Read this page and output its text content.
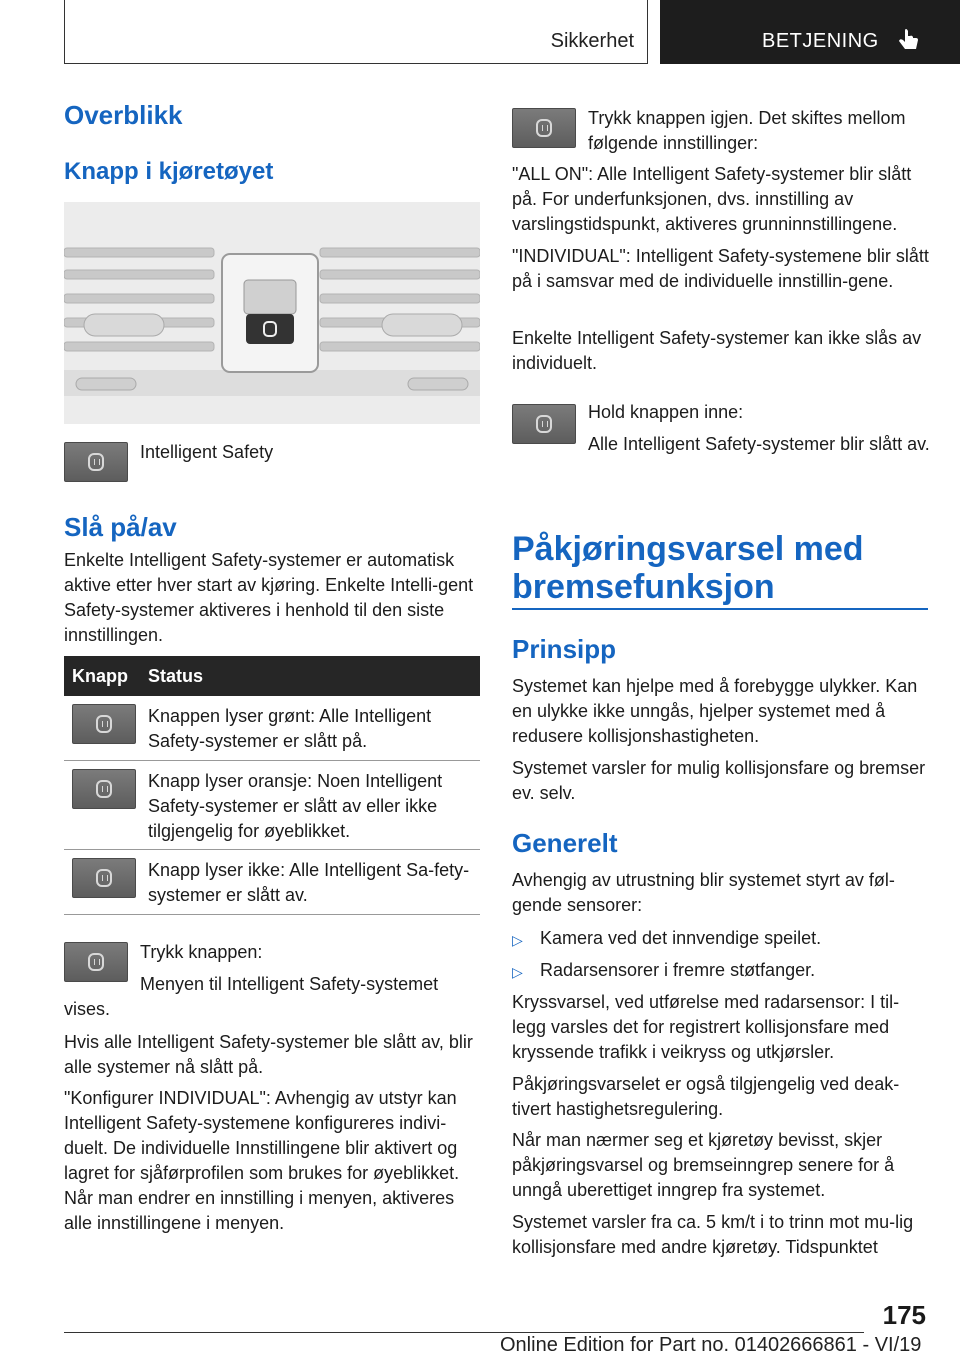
Sikkerhet	BETJENING
Overblikk
Knapp i kjøretøyet
Intelligent Safety
Slå på/av

Enkelte Intelligent Safety-systemer er automatisk aktive etter hver start av kjøring. Enkelte Intelli-gent Safety-systemer aktiveres i henhold til den siste innstillingen.

Knapp Status

Knappen lyser grønt: Alle Intelligent Safety-systemer er slått på.

Knapp lyser oransje: Noen Intelligent Safety-systemer er slått av eller ikke tilgjengelig for øyeblikket.

Knapp lyser ikke: Alle Intelligent Sa-fety-systemer er slått av.

Trykk knappen:

Menyen til Intelligent Safety-systemet vises.

Hvis alle Intelligent Safety-systemer ble slått av, blir alle systemer nå slått på.

"Konfigurer INDIVIDUAL": Avhengig av utstyr kan Intelligent Safety-systemene konfigureres indivi-duelt. De individuelle Innstillingene blir aktivert og lagret for sjåførprofilen som brukes for øyeblikket. Når man endrer en innstilling i menyen, aktiveres alle innstillingene i menyen.

Trykk knappen igjen. Det skiftes mellom følgende innstillinger:

"ALL ON": Alle Intelligent Safety-systemer blir slått på. For underfunksjonen, dvs. innstilling av varslingstidspunkt, aktiveres grunninnstillingene.

"INDIVIDUAL": Intelligent Safety-systemene blir slått på i samsvar med de individuelle innstillin-gene.

Enkelte Intelligent Safety-systemer kan ikke slås av individuelt.

Hold knappen inne:

Alle Intelligent Safety-systemer blir slått av.

Påkjøringsvarsel med bremsefunksjon
Prinsipp

Systemet kan hjelpe med å forebygge ulykker. Kan en ulykke ikke unngås, hjelper systemet med å redusere kollisjonshastigheten.

Systemet varsler for mulig kollisjonsfare og bremser ev. selv.

Generelt

Avhengig av utrustning blir systemet styrt av føl-gende sensorer:

▷ Kamera ved det innvendige speilet.

▷ Radarsensorer i fremre støtfanger.

Kryssvarsel, ved utførelse med radarsensor: I til-legg varsles det for registrert kollisjonsfare med kryssende trafikk i veikryss og utkjørsler.

Påkjøringsvarselet er også tilgjengelig ved deak-tivert hastighetsregulering.

Når man nærmer seg et kjøretøy bevisst, skjer påkjøringsvarsel og bremseinngrep senere for å unngå uberettiget inngrep fra systemet.

Systemet varsler fra ca. 5 km/t i to trinn mot mu-lig kollisjonsfare med andre kjøretøy. Tidspunktet

175
Online Edition for Part no. 01402666861 - VI/19
